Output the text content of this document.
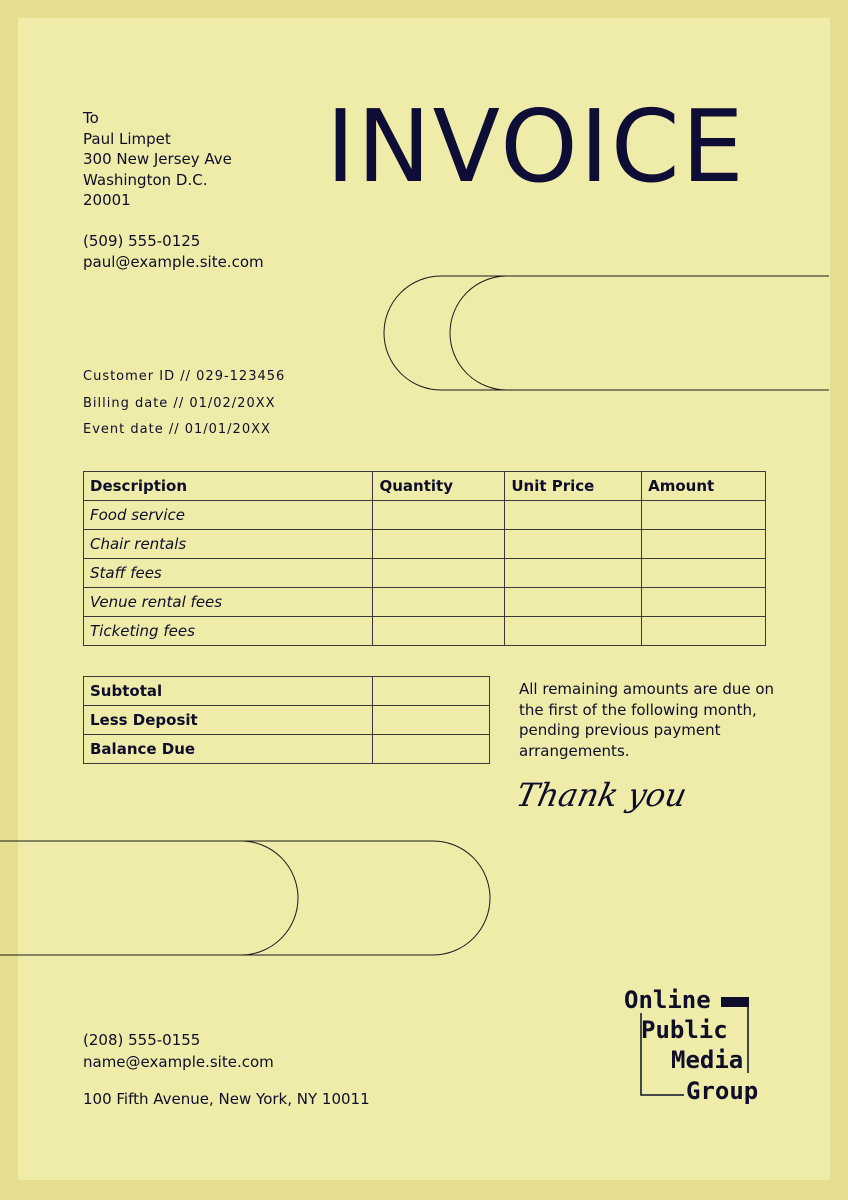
To
Paul Limpet
300 New Jersey Ave
Washington D.C.
20001
(509) 555-0125
paul@example.site.com
INVOICE
Customer ID // 029-123456
Billing date // 01/02/20XX
Event date // 01/01/20XX
Description	Quantity	Unit Price	Amount
Food service			
Chair rentals			
Staff fees			
Venue rental fees			
Ticketing fees			
Subtotal	
Less Deposit	
Balance Due	
All remaining amounts are due on the first of the following month, pending previous payment arrangements.
Thank you
(208) 555-0155
name@example.site.com
100 Fifth Avenue, New York, NY 10011
Online
Public
Media
Group
